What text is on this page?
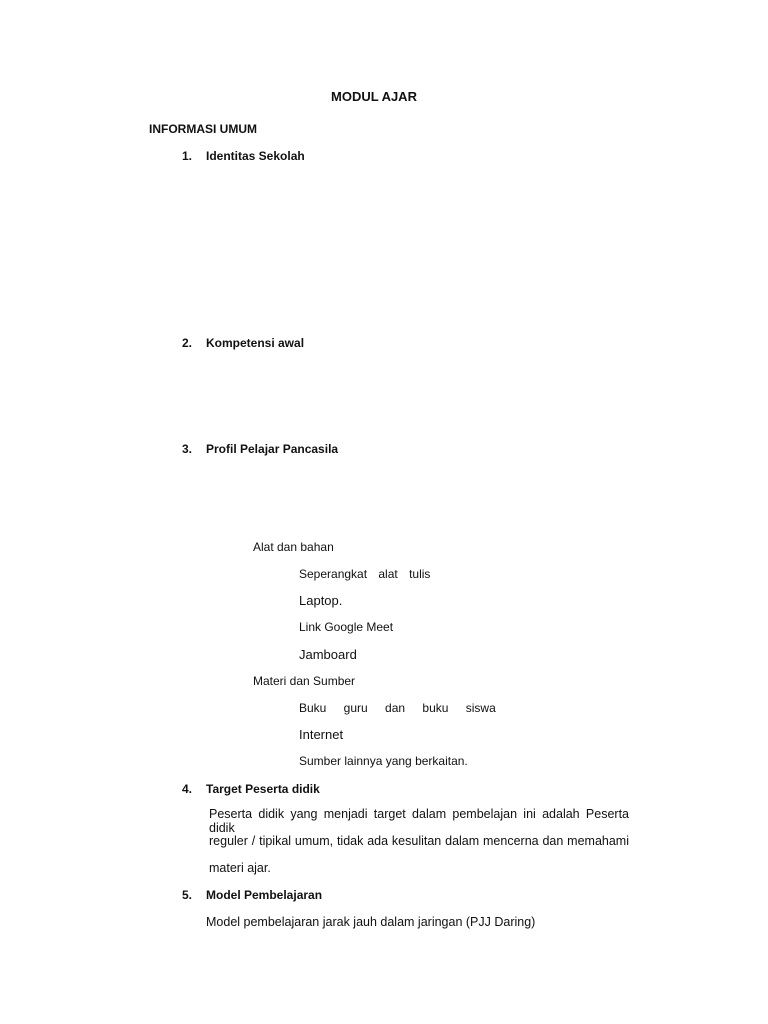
MODUL AJAR
INFORMASI UMUM
1.	Identitas Sekolah
2.	Kompetensi awal
3.	Profil Pelajar Pancasila
Alat dan bahan
Seperangkat alat tulis
Laptop.
Link Google Meet
Jamboard
Materi dan Sumber
Buku guru dan buku siswa
Internet
Sumber lainnya yang berkaitan.
4.	Target Peserta didik
Peserta didik yang menjadi target dalam pembelajan ini adalah Peserta didik
reguler / tipikal umum, tidak ada kesulitan dalam mencerna dan memahami
materi ajar.
5.	Model Pembelajaran
Model pembelajaran jarak jauh dalam jaringan (PJJ Daring)
